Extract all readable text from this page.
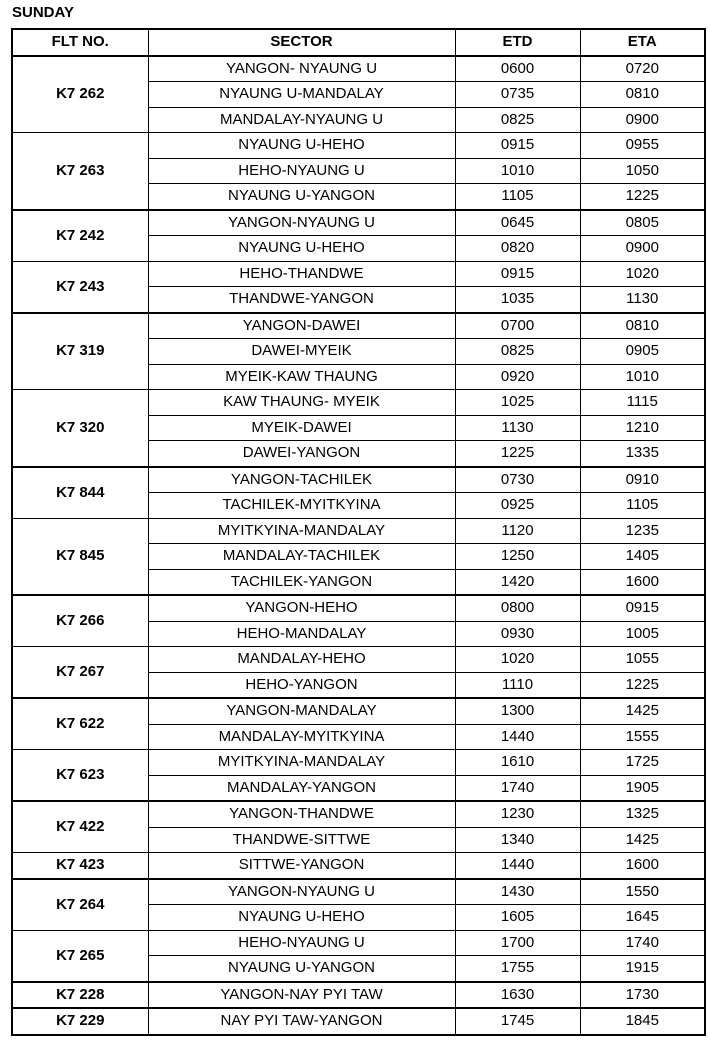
SUNDAY
FLT NO.	SECTOR	ETD	ETA
K7 262	YANGON- NYAUNG U	0600	0720
	NYAUNG U-MANDALAY	0735	0810
	MANDALAY-NYAUNG U	0825	0900
K7 263	NYAUNG U-HEHO	0915	0955
	HEHO-NYAUNG U	1010	1050
	NYAUNG U-YANGON	1105	1225
K7 242	YANGON-NYAUNG U	0645	0805
	NYAUNG U-HEHO	0820	0900
K7 243	HEHO-THANDWE	0915	1020
	THANDWE-YANGON	1035	1130
K7 319	YANGON-DAWEI	0700	0810
	DAWEI-MYEIK	0825	0905
	MYEIK-KAW THAUNG	0920	1010
K7 320	KAW THAUNG- MYEIK	1025	1115
	MYEIK-DAWEI	1130	1210
	DAWEI-YANGON	1225	1335
K7 844	YANGON-TACHILEK	0730	0910
	TACHILEK-MYITKYINA	0925	1105
K7 845	MYITKYINA-MANDALAY	1120	1235
	MANDALAY-TACHILEK	1250	1405
	TACHILEK-YANGON	1420	1600
K7 266	YANGON-HEHO	0800	0915
	HEHO-MANDALAY	0930	1005
K7 267	MANDALAY-HEHO	1020	1055
	HEHO-YANGON	1110	1225
K7 622	YANGON-MANDALAY	1300	1425
	MANDALAY-MYITKYINA	1440	1555
K7 623	MYITKYINA-MANDALAY	1610	1725
	MANDALAY-YANGON	1740	1905
K7 422	YANGON-THANDWE	1230	1325
	THANDWE-SITTWE	1340	1425
K7 423	SITTWE-YANGON	1440	1600
K7 264	YANGON-NYAUNG U	1430	1550
	NYAUNG U-HEHO	1605	1645
K7 265	HEHO-NYAUNG U	1700	1740
	NYAUNG U-YANGON	1755	1915
K7 228	YANGON-NAY PYI TAW	1630	1730
K7 229	NAY PYI TAW-YANGON	1745	1845
